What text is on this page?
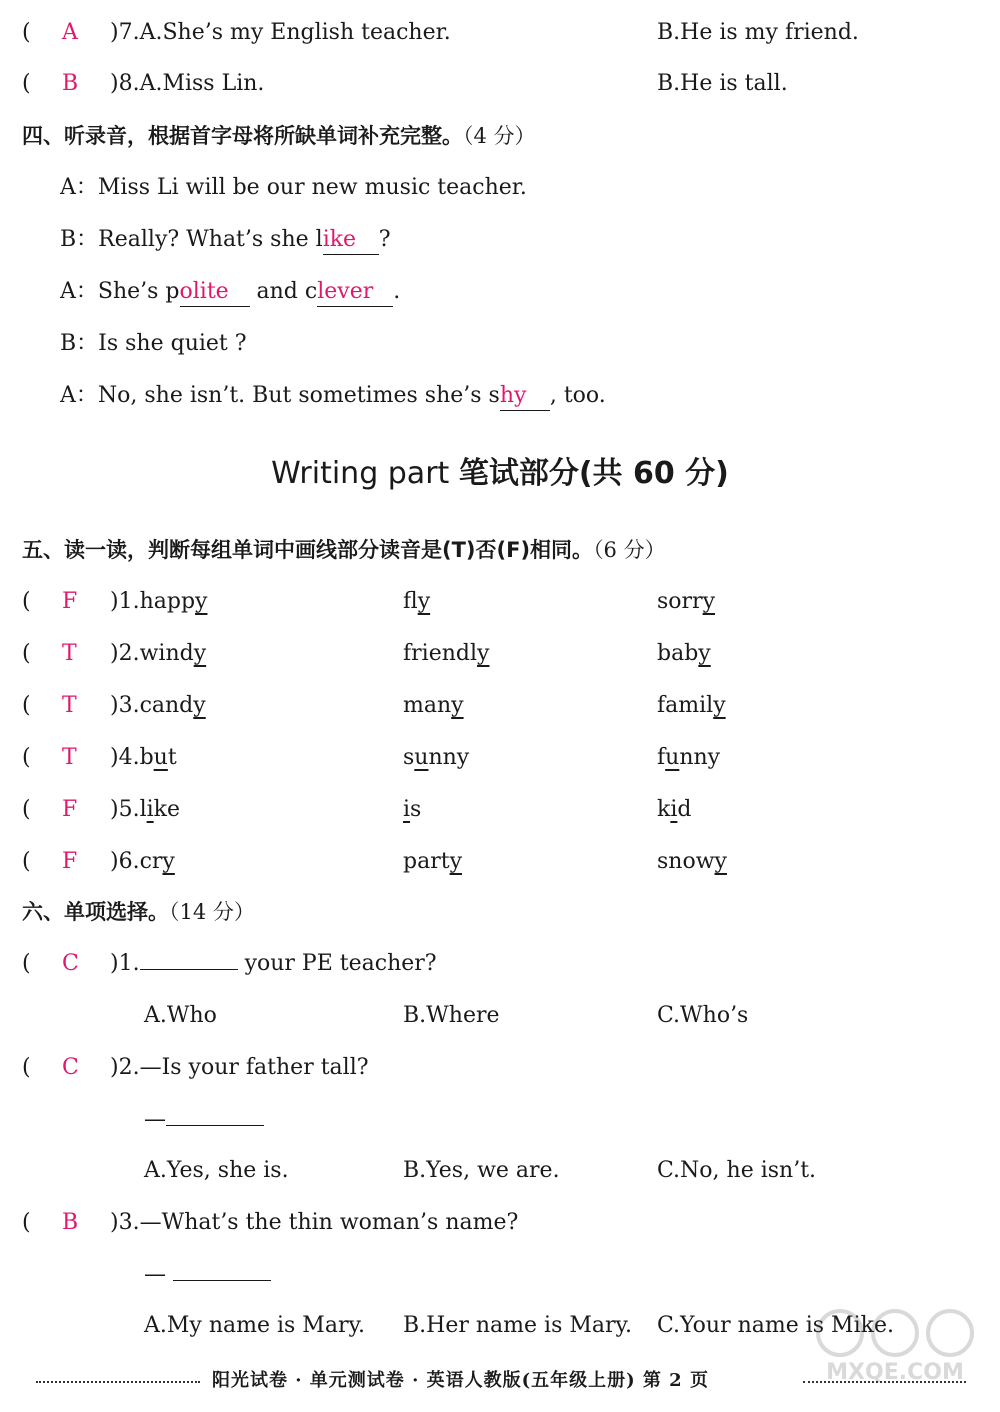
( A )7.A.She’s my English teacher.	B.He is my friend.
( B )8.A.Miss Lin.	B.He is tall.
四、听录音，根据首字母将所缺单词补充完整。（4 分）
A：Miss Li will be our new music teacher.
B：Really? What’s she like ?
A：She’s polite and clever .
B：Is she quiet ?
A：No, she isn’t. But sometimes she’s shy , too.
Writing part 笔试部分(共 60 分)
五、读一读，判断每组单词中画线部分读音是(T)否(F)相同。（6 分）
( F )1.happy	fly	sorry
( T )2.windy	friendly	baby
( T )3.candy	many	family
( T )4.but	sunny	funny
( F )5.like	is	kid
( F )6.cry	party	snowy
六、单项选择。（14 分）
( C )1.	your PE teacher?
A.Who	B.Where	C.Who’s
( C )2.—Is your father tall?
—
A.Yes, she is.	B.Yes, we are.	C.No, he isn’t.
( B )3.—What’s the thin woman’s name?
—
A.My name is Mary. B.Her name is Mary. C.Your name is Mike.
MXQE.COM
阳光试卷 · 单元测试卷 · 英语人教版(五年级上册) 第 2 页
